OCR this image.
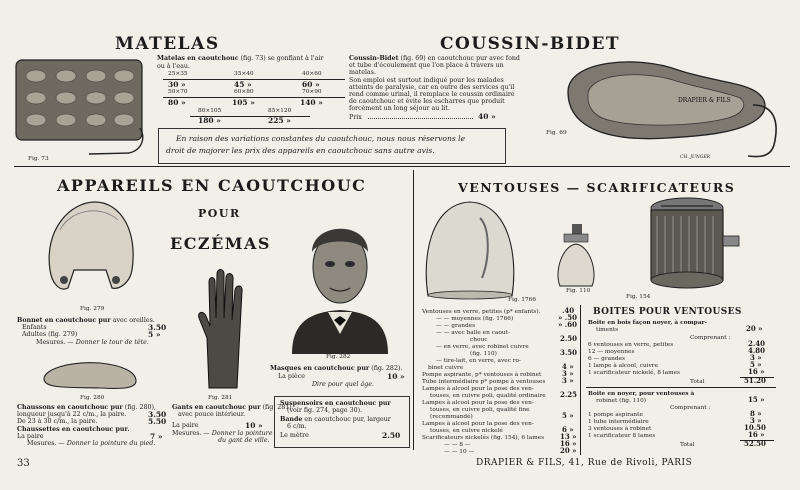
MATELAS
Fig. 73
Matelas en caoutchouc (fig. 73) se gonflant à l'air
ou à l'eau.
25×35	35×40	40×60
30 »	45 »	60 »
50×70	60×80	70×90
80 »	105 »	140 »
80×105	85×120
180 »	225 »
COUSSIN-BIDET
Coussin-Bidet (fig. 69) en caoutchouc pur avec fond
et tube d'écoulement que l'on place à travers un
matelas.
Son emploi est surtout indiqué pour les malades
atteints de paralysie, car en outre des services qu'il
rend comme urinal, il remplace le coussin ordinaire
de caoutchouc et évite les escharres que produit
forcément un long séjour au lit.
Prix	40 »
DRAPIER & FILS
Fig. 69
CH. JUNGER
En raison des variations constantes du caoutchouc, nous nous réservons le
droit de majorer les prix des appareils en caoutchouc sans autre avis.
APPAREILS EN CAOUTCHOUC
POUR
ECZÉMAS
Fig. 279
Bonnet en caoutchouc pur avec oreilles.
Enfants	3.50
Adultes (fig. 279)	5 »
Mesures. — Donner le tour de tête.
Fig. 280
Chaussons en caoutchouc pur (fig. 280),
longueur jusqu'à 22 c/m., la paire.	3.50
De 23 à 30 c/m., la paire.	5.50
Chaussettes en caoutchouc pur.
La paire	7 »
Mesures. — Donner la pointure du pied.
Fig. 281
Gants en caoutchouc pur (fig. 281)
avec pouce intérieur.
La paire	10 »
Mesures. — Donner la pointure
du gant de ville.
Fig. 282
Masques en caoutchouc pur (fig. 282).
La pièce	10 »
Dire pour quel âge.
Suspensoirs en caoutchouc pur
(voir fig. 274, page 30).
Bande en caoutchouc pur, largeur
6 c/m.
Le mètre	2.50
VENTOUSES — SCARIFICATEURS
Fig. 1766
Fig. 110
Fig. 154
Ventouses en verre, petites (p* enfants).	.40
— — moyennes (fig. 1766)	» .50
— — grandes	» .60
— — avec balle en caout-
chouc	2.50
— en verre, avec robinet cuivre
(fig. 110)	3.50
— tire-lait, en verre, avec ro-
binet cuivre	4 »
Pompe aspirante, p* ventouses à robinet	3 »
Tube intermédiaire p* pompe à ventouses 3 »
Lampes à alcool pour la pose des ven-
touses, en cuivre poli, qualité ordinaire 2.25
Lampes à alcool pour la pose des ven-
touses, en cuivre poli, qualité fine
(recommandé)	5 »
Lampes à alcool pour la pose des ven-
touses, en cuivre nickelé	6 »
Scarificateurs nickelés (fig. 154), 6 lames 13 »
— — 8 —	16 »
— — 10 —	20 »
BOITES POUR VENTOUSES
Boite en bois façon noyer, à compar-
timents	20 »
Comprenant :
6 ventouses en verre, petites	2.40
12 — moyennes	4.80
6 — grandes	3 »
1 lampe à alcool, cuivre	5 »
1 scarificateur nickelé, 8 lames	16 »
Total	51.20
Boite en noyer, pour ventouses à
robinet (fig. 110)	15 »
Comprenant :
1 pompe aspirante	8 »
1 tube intermédiaire	3 »
3 ventouses à robinet	10.50
1 scarificateur 8 lames	16 »
Total	52.50
33	DRAPIER & FILS, 41, Rue de Rivoli, PARIS
